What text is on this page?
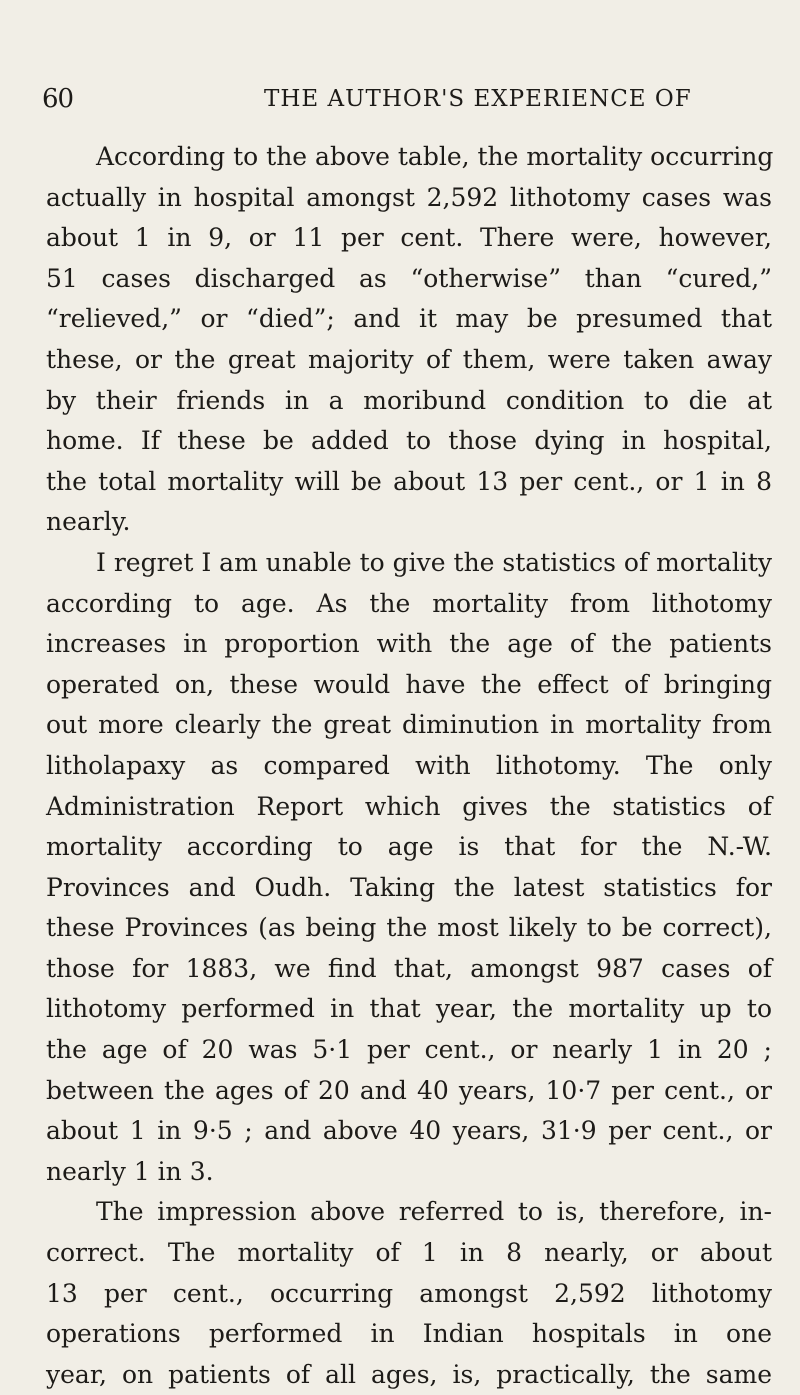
60	THE AUTHOR'S EXPERIENCE OF

According to the above table, the mortality occurring
actually in hospital amongst 2,592 lithotomy cases was
about 1 in 9, or 11 per cent. There were, however,
51 cases discharged as “otherwise” than “cured,”
“relieved,” or “died”; and it may be presumed that
these, or the great majority of them, were taken away
by their friends in a moribund condition to die at
home. If these be added to those dying in hospital,
the total mortality will be about 13 per cent., or 1 in 8
nearly.

I regret I am unable to give the statistics of mortality
according to age. As the mortality from lithotomy
increases in proportion with the age of the patients
operated on, these would have the effect of bringing
out more clearly the great diminution in mortality from
litholapaxy as compared with lithotomy. The only
Administration Report which gives the statistics of
mortality according to age is that for the N.-W.
Provinces and Oudh. Taking the latest statistics for
these Provinces (as being the most likely to be correct),
those for 1883, we find that, amongst 987 cases of
lithotomy performed in that year, the mortality up to
the age of 20 was 5·1 per cent., or nearly 1 in 20 ;
between the ages of 20 and 40 years, 10·7 per cent., or
about 1 in 9·5 ; and above 40 years, 31·9 per cent., or
nearly 1 in 3.

The impression above referred to is, therefore, in-
correct. The mortality of 1 in 8 nearly, or about
13 per cent., occurring amongst 2,592 lithotomy
operations performed in Indian hospitals in one
year, on patients of all ages, is, practically, the same
